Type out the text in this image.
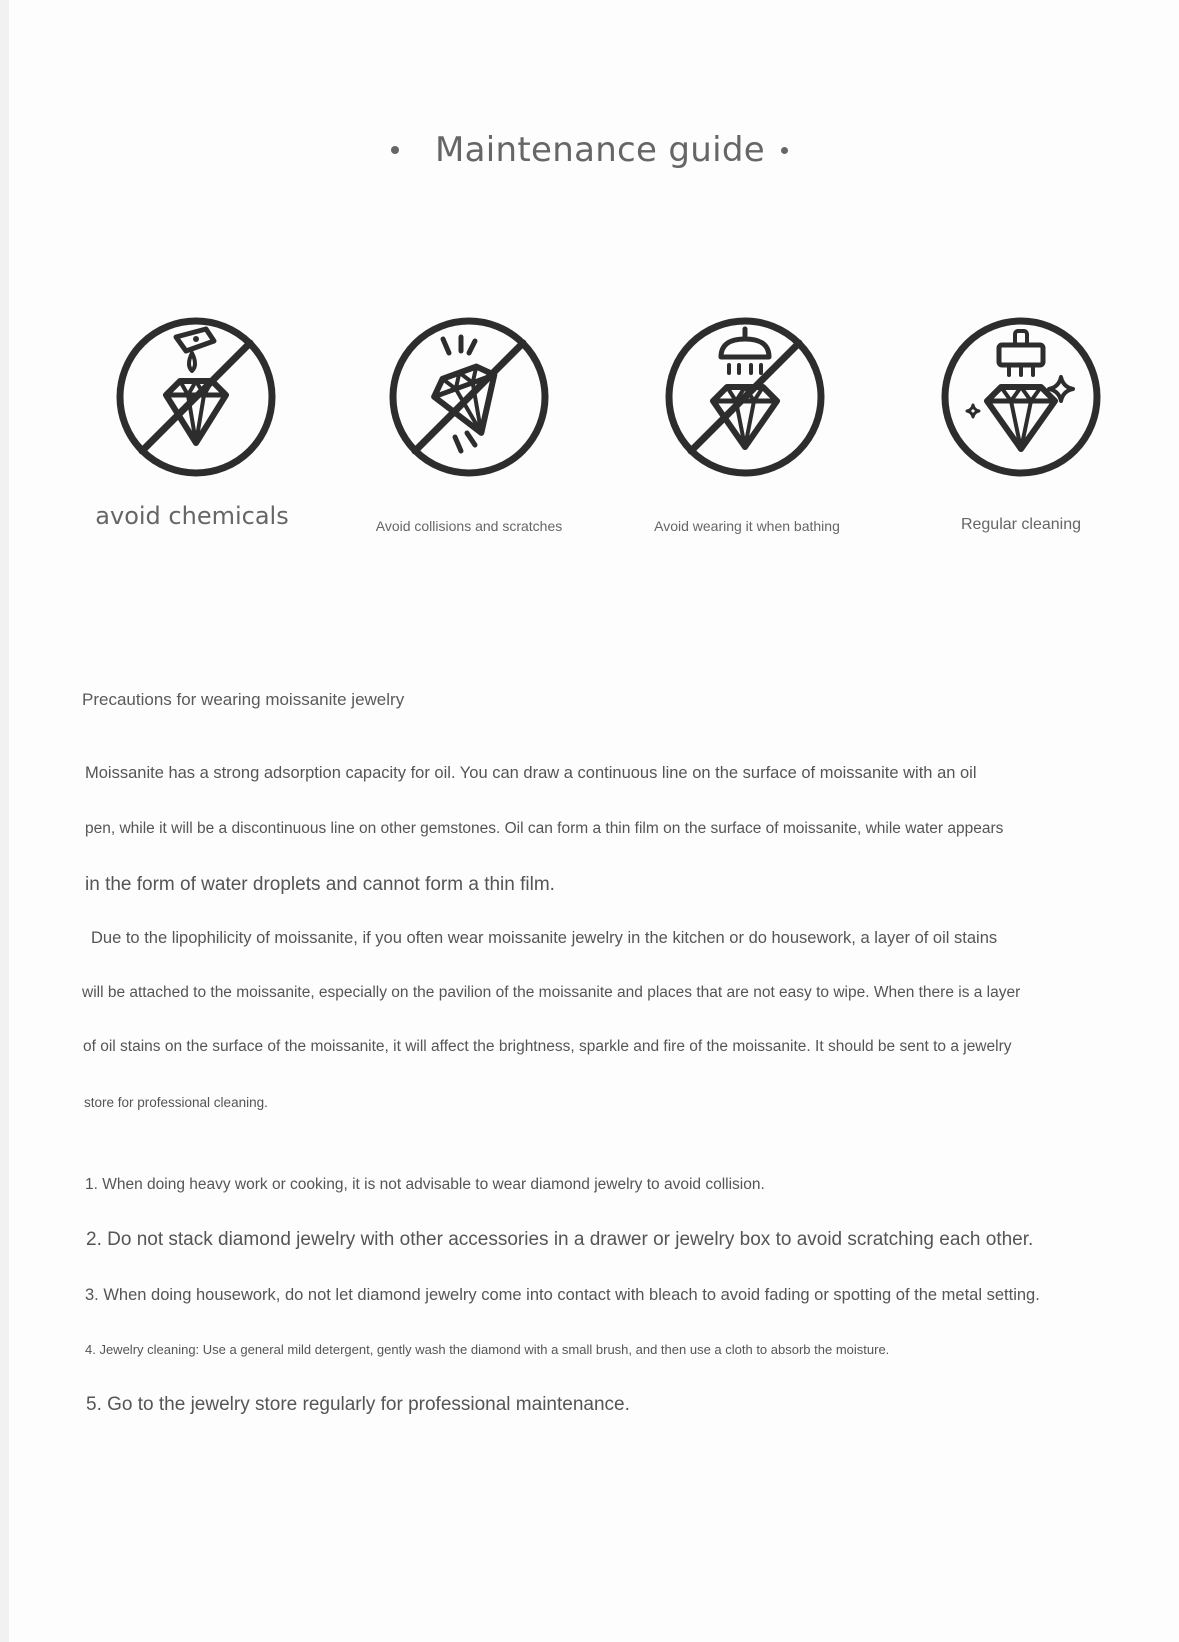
Maintenance guide
avoid chemicals	Avoid collisions and scratches	Avoid wearing it when bathing	Regular cleaning
Precautions for wearing moissanite jewelry
Moissanite has a strong adsorption capacity for oil. You can draw a continuous line on the surface of moissanite with an oil
pen, while it will be a discontinuous line on other gemstones. Oil can form a thin film on the surface of moissanite, while water appears
in the form of water droplets and cannot form a thin film.
Due to the lipophilicity of moissanite, if you often wear moissanite jewelry in the kitchen or do housework, a layer of oil stains
will be attached to the moissanite, especially on the pavilion of the moissanite and places that are not easy to wipe. When there is a layer
of oil stains on the surface of the moissanite, it will affect the brightness, sparkle and fire of the moissanite. It should be sent to a jewelry
store for professional cleaning.
1. When doing heavy work or cooking, it is not advisable to wear diamond jewelry to avoid collision.
2. Do not stack diamond jewelry with other accessories in a drawer or jewelry box to avoid scratching each other.
3. When doing housework, do not let diamond jewelry come into contact with bleach to avoid fading or spotting of the metal setting.
4. Jewelry cleaning: Use a general mild detergent, gently wash the diamond with a small brush, and then use a cloth to absorb the moisture.
5. Go to the jewelry store regularly for professional maintenance.
